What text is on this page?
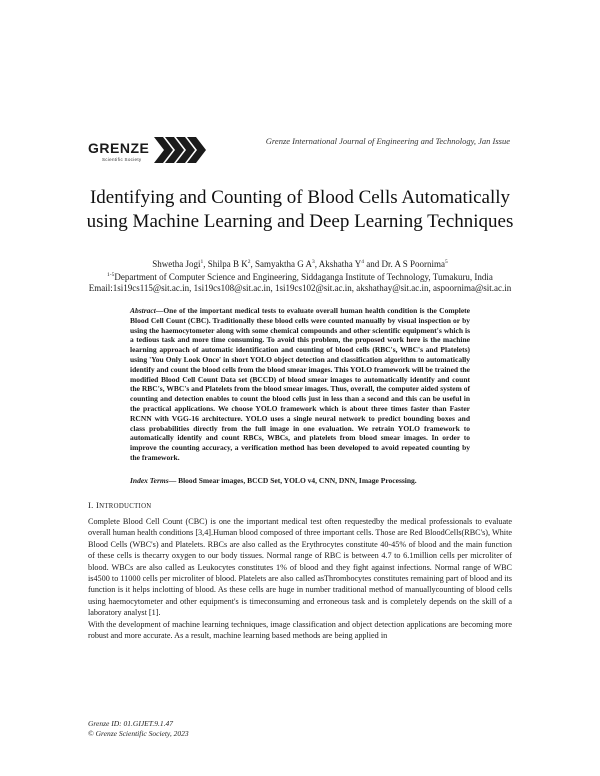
GRENZE
Scientific Society
Grenze International Journal of Engineering and Technology, Jan Issue
Identifying and Counting of Blood Cells Automatically
using Machine Learning and Deep Learning Techniques
Shwetha Jogi$^1$, Shilpa B $K^2$, Samyaktha G $A^3$, Akshatha $Y^4$ and Dr. A S Poornima$^5$
$^{1-5}$Department of Computer Science and Engineering, Siddaganga Institute of Technology, Tumakuru, India
Email:1si19cs115@sit.ac.in, 1si19cs108@sit.ac.in, 1si19cs102@sit.ac.in, akshathay@sit.ac.in, aspoornima@sit.ac.in
Abstract—One of the important medical tests to evaluate overall human health condition is the Complete Blood Cell Count (CBC). Traditionally these blood cells were counted manually by visual inspection or by using the haemocytometer along with some chemical compounds and other scientific equipment's which is a tedious task and more time consuming. To avoid this problem, the proposed work here is the machine learning approach of automatic identification and counting of blood cells (RBC's, WBC's and Platelets) using 'You Only Look Once' in short YOLO object detection and classification algorithm to automatically identify and count the blood cells from the blood smear images. This YOLO framework will be trained the modified Blood Cell Count Data set (BCCD) of blood smear images to automatically identify and count the RBC's, WBC's and Platelets from the blood smear images. Thus, overall, the computer aided system of counting and detection enables to count the blood cells just in less than a second and this can be useful in the practical applications. We choose YOLO framework which is about three times faster than Faster RCNN with VGG-16 architecture. YOLO uses a single neural network to predict bounding boxes and class probabilities directly from the full image in one evaluation. We retrain YOLO framework to automatically identify and count RBCs, WBCs, and platelets from blood smear images. In order to improve the counting accuracy, a verification method has been developed to avoid repeated counting by the framework.
Index Terms— Blood Smear images, BCCD Set, YOLO v4, CNN, DNN, Image Processing.
I. INTRODUCTION

Complete Blood Cell Count (CBC) is one the important medical test often requestedby the medical professionals to evaluate overall human health conditions [3,4].Human blood composed of three important cells. Those are Red BloodCells(RBC's), White Blood Cells (WBC's) and Platelets. RBCs are also called as the Erythrocytes constitute 40-45% of blood and the main function of these cells is thecarry oxygen to our body tissues. Normal range of RBC is between 4.7 to 6.1million cells per microliter of blood. WBCs are also called as Leukocytes constitutes 1% of blood and they fight against infections. Normal range of WBC is4500 to 11000 cells per microliter of blood. Platelets are also called asThrombocytes constitutes remaining part of blood and its function is it helps inclotting of blood. As these cells are huge in number traditional method of manuallycounting of blood cells using haemocytometer and other equipment's is timeconsuming and erroneous task and is completely depends on the skill of a laboratory analyst [1].

With the development of machine learning techniques, image classification and object detection applications are becoming more robust and more accurate. As a result, machine learning based methods are being applied in

Grenze ID: 01.GIJET.9.1.47
© Grenze Scientific Society, 2023
